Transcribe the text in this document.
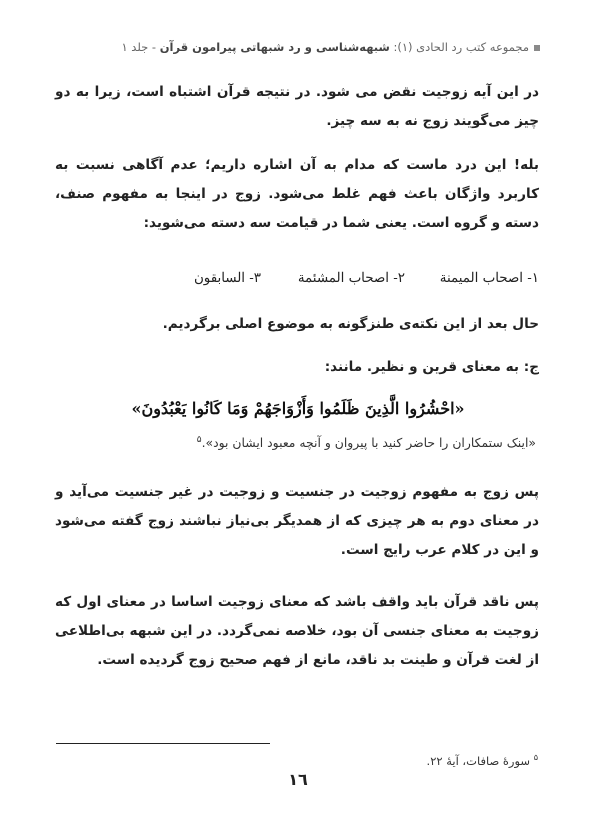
مجموعه کتب رد الحادی (۱): شبهه‌شناسی و رد شبهاتی پیرامون قرآن - جلد ۱

در این آیه زوجیت نقض می شود. در نتیجه قرآن اشتباه است، زیرا به دو چیز می‌گویند زوج نه به سه چیز.

بله! این درد ماست که مدام به آن اشاره داریم؛ عدم آگاهی نسبت به کاربرد واژگان باعث فهم غلط می‌شود. زوج در اینجا به مفهوم صنف، دسته و گروه است. یعنی شما در قیامت سه دسته می‌شوید:

١- اصحاب الميمنة
٢- اصحاب المشئمة
٣- السابقون

حال بعد از این نکته‌ی طنزگونه به موضوع اصلی برگردیم.

ج: به معنای قرین و نظیر. مانند:

«احْشُرُوا الَّذِينَ ظَلَمُوا وَأَزْوَاجَهُمْ وَمَا كَانُوا يَعْبُدُونَ»
«اینک ستمکاران را حاضر کنید با پیروان و آنچه معبود ایشان بود».$^۵$

پس زوج به مفهوم زوجیت در جنسیت و زوجیت در غیر جنسیت می‌آید و در معنای دوم به هر چیزی که از همدیگر بی‌نیاز نباشند زوج گفته می‌شود و این در کلام عرب رایج است.

پس ناقد قرآن باید واقف باشد که معنای زوجیت اساسا در معنای اول که زوجیت به معنای جنسی آن بود، خلاصه نمی‌گردد. در این شبهه بی‌اطلاعی از لغت قرآن و طینت بد ناقد، مانع از فهم صحیح زوج گردیده است.

$^۵$ سورهٔ صافات، آیهٔ ۲۲.
١٦
